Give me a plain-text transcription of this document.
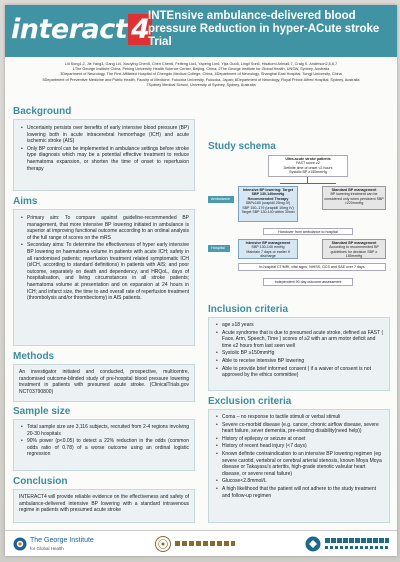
interact 4
INTEnsive ambulance-delivered blood pressure Reduction in hyper-ACute stroke Trial
Lili Song1,2, Jie Yang3, Gang Li4, Xiaoying Chen5, Chen Chen6, Feifeng Liu4, Yapeng Lin6, Yijia Guo6, Lingli Sun6, Hisatomi Arima6,7, Craig S. Anderson2,5,6,7
1The George Institute China, Peking University Health Science Center, Beijing, China; 2The George Institute for Global Health, UNSW, Sydney, Australia
3Department of Neurology, The First Affiliated Hospital of Chengdu Medical College, China; 4Department of Neurology, Shanghai East Hospital, Tongji University, China
5Department of Preventive Medicine and Public Health, Faculty of Medicine, Fukuoka University, Fukuoka, Japan; 6Department of Neurology, Royal Prince Alfred Hospital, Sydney, Australia
7Sydney Medical School, University of Sydney, Sydney, Australia
Background
• Uncertainty persists over benefits of early intensive blood pressure (BP) lowering both in acute intracerebral hemorrhage (ICH) and acute ischemic stroke (AIS)
• Only BP control can be implemented in ambulance settings before stroke type diagnosis which may be a potential effective treatment to reduce haematoma expansion, or shorten the time of onset to reperfusion therapy
Aims
• Primary aim: To compare against guideline-recommended BP management, that more intensive BP lowering initiated in ambulance is superior at improving functional outcome according to an ordinal analysis of the full range of scores on the mRS
• Secondary aims: To determine the effectiveness of hyper early intensive BP lowering on haematoma volume in patients with acute ICH; safety in all randomised patients; reperfusion treatment related symptomatic ICH (sICH, according to standard definitions) in patients with AIS; and poor outcome, separately on death and dependency, and HRQoL, days of hospitalisation, and living circumstances in all stroke patients; haematoma volume at presentation and on expansion at 24 hours in ICH; and infarct size, the time to and overall rate of reperfusion treatment (thrombolysis and/or thrombectomy) in AIS patients.
Methods

An investigator initiated and conducted, prospective, multicentre, randomised outcome-blinded study of pre-hospital blood pressure lowering treatment in patients with presumed acute stroke. (ClinicalTrials.gov NCT03790800)

Sample size
• Total sample size are 3,116 subjects, recruited from 2-4 regions involving 20-30 hospitals
• 90% power (p<0.05) to detect a 22% reduction in the odds (common odds ratio of 0.78) of a worse outcome using an ordinal logistic regression
Conclusion

INTERACT4 will provide reliable evidence on the effectiveness and safety of ambulance-delivered intensive BP lowering with a standard intravenous regime in patients with presumed acute stroke

Study schema
Ultra-acute stroke patients
FAST score ≥2
Definite time of onset <2 hours
Systolic BP ≥150mmHg
Ambulance
Intensive BP lowering: Target SBP 130-140mmHg Recommended Therapy
SBP≥180 (urapidil 25mg IV)
SBP 150–179 (urapidil 10mg IV)
Target SBP 130-140 within 30min
Standard BP management
BP lowering treatment can be considered only when persistent SBP >220mmHg
Handover from ambulance to hospital
Hospital
Intensive BP management
SBP 130-140 mmHg
Maintain 7 days or earlier if discharge
Standard BP management
According to recommended BP guidelines for decision SBP ≥ 185mmHg
In-hospital CT/MRI, vital signs, NIHSS, GCS and SAE over 7 days
Independent 90 day outcome assessment
Inclusion criteria
• age ≥18 years
• Acute syndrome that is due to presumed acute stroke, defined as FAST ( Face, Arm, Speech, Time ) scores of ≥2 with an arm motor deficit and time ≤2 hours from last seen well
• Systolic BP ≥150mmHg
• Able to receive intensive BP lowering
• Able to provide brief informed consent ( if a waiver of consent is not approved by the ethics committee)
Exclusion criteria
• Coma – no response to tactile stimuli or verbal stimuli
• Severe co-morbid disease (e.g. cancer, chronic airflow disease, severe heart failure, sever dementia, pre-existing disability(need help))
• History of epilepsy or seizure at onset
• History of recent head injury (<7 days)
• Known definite contraindication to an intensive BP lowering regimen (eg severe carotid, vertebral or cerebral arterial stenosis, known Moya Moya disease or Takayasu's arteritis, high-grade stenotic valvular heart disease, or severe renal failure)
• Glucose<2.8mmol/L
• A high likelihood that the patient will not adhere to the study treatment and follow-up regimen
The George Institute
for Global Health
